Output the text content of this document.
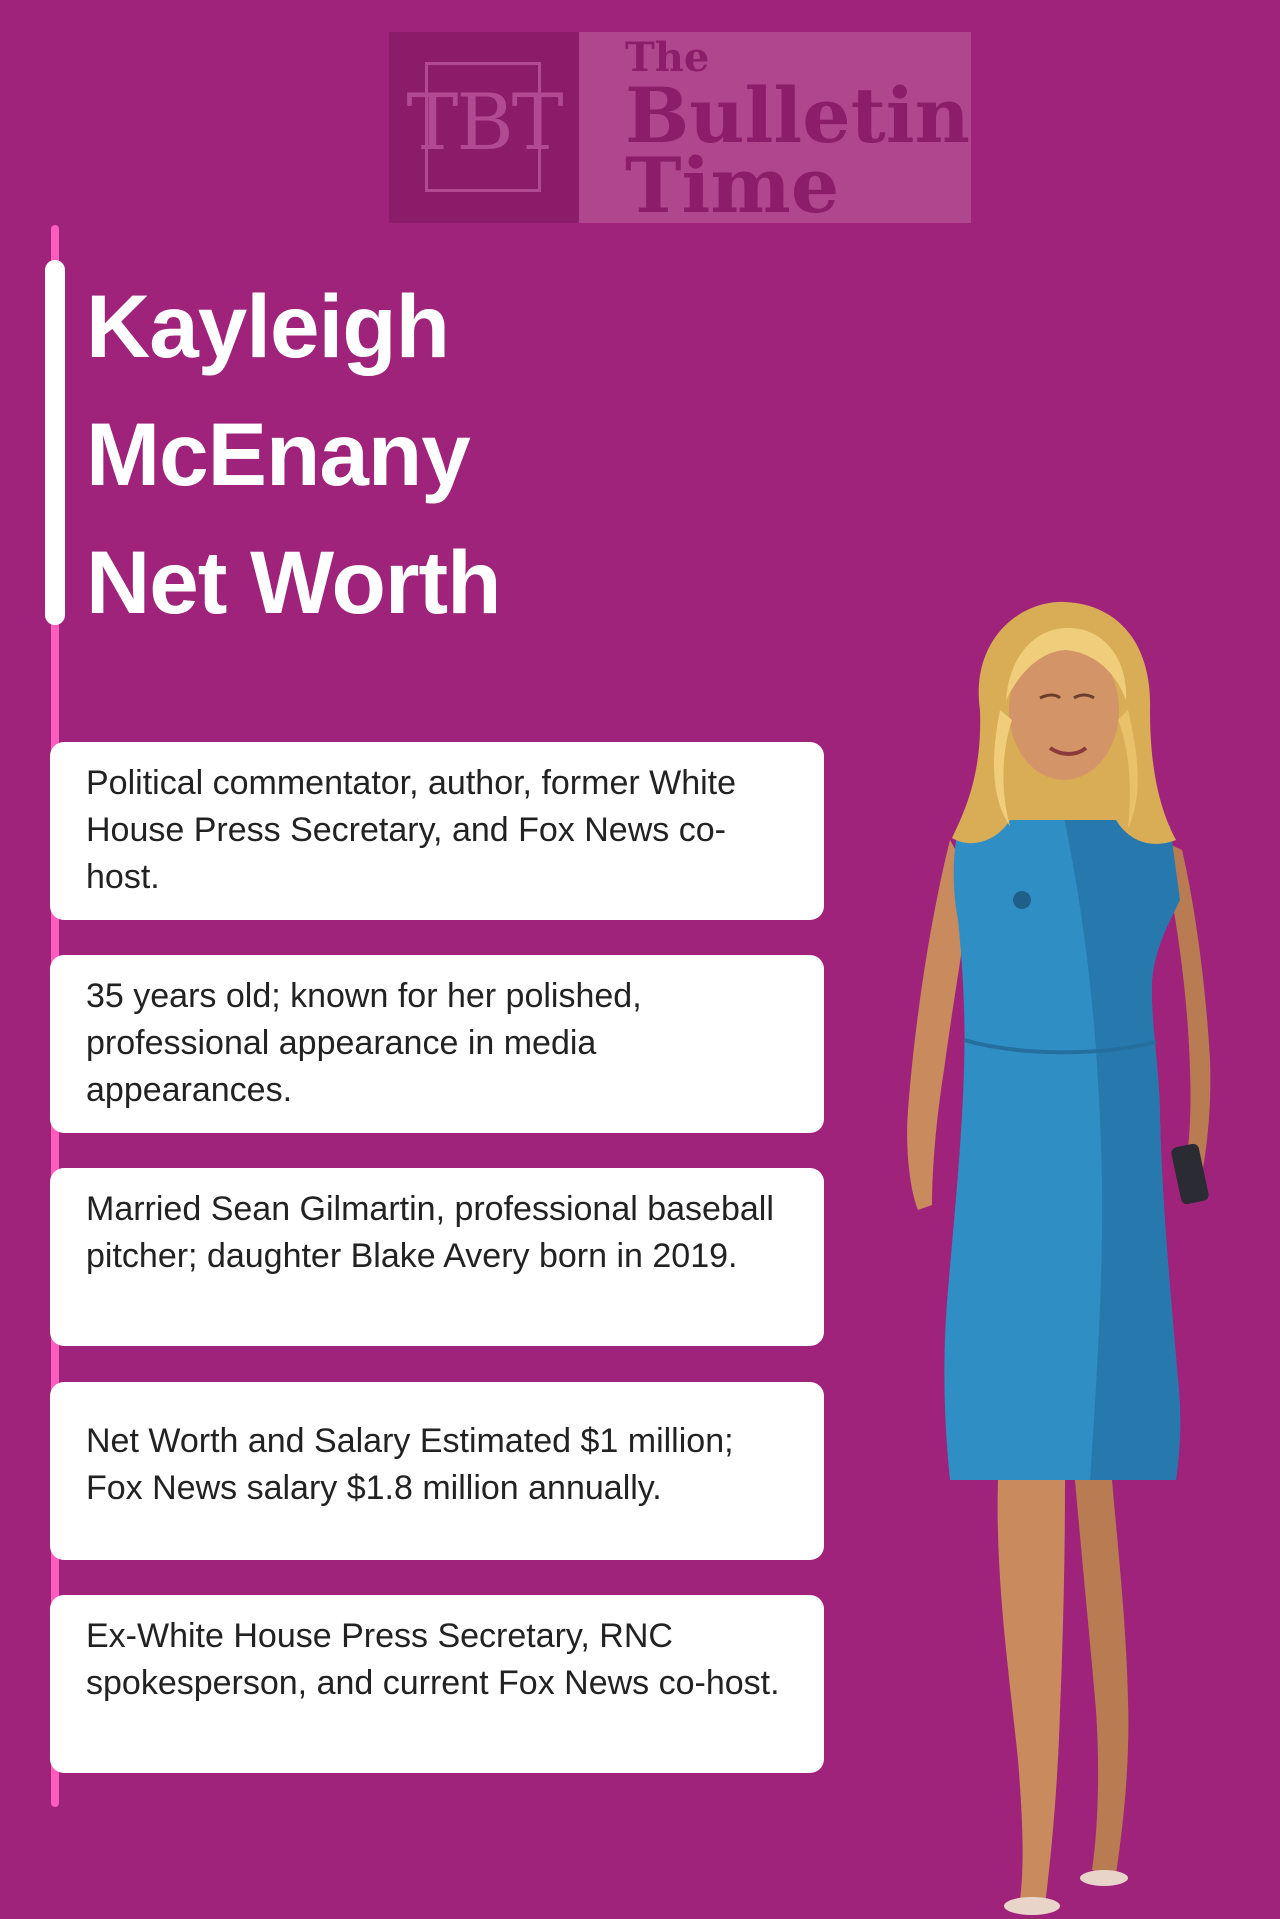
TBT
The
Bulletin
Time
Kayleigh
McEnany
Net Worth
Political commentator, author, former White House Press Secretary, and Fox News co-host.
35 years old; known for her polished, professional appearance in media appearances.
Married Sean Gilmartin, professional baseball pitcher; daughter Blake Avery born in 2019.
Net Worth and Salary Estimated $1 million; Fox News salary $1.8 million annually.
Ex-White House Press Secretary, RNC spokesperson, and current Fox News co-host.
